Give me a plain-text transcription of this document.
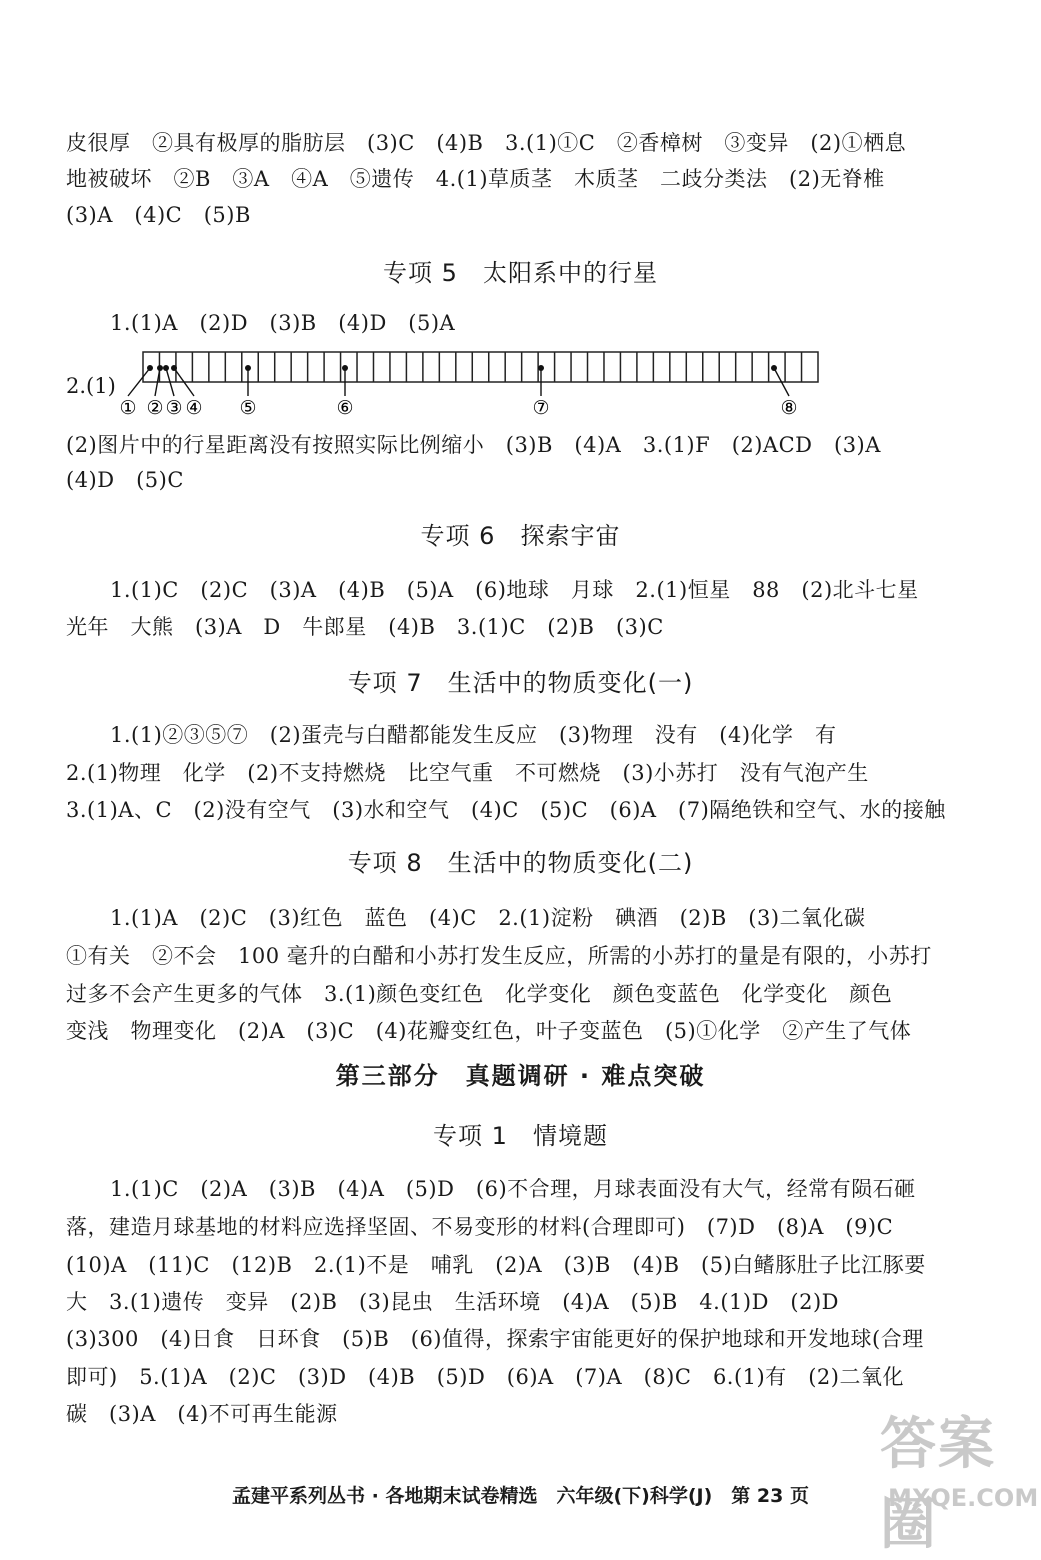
皮很厚　②具有极厚的脂肪层　(3)C　(4)B　3.(1)①C　②香樟树　③变异　(2)①栖息
地被破坏　②B　③A　④A　⑤遗传　4.(1)草质茎　木质茎　二歧分类法　(2)无脊椎
(3)A　(4)C　(5)B
专项 5　太阳系中的行星
1.(1)A　(2)D　(3)B　(4)D　(5)A
2.(1)
① ② ③ ④ ⑤	⑥	⑦	⑧
(2)图片中的行星距离没有按照实际比例缩小　(3)B　(4)A　3.(1)F　(2)ACD　(3)A
(4)D　(5)C
专项 6　探索宇宙
1.(1)C　(2)C　(3)A　(4)B　(5)A　(6)地球　月球　2.(1)恒星　88　(2)北斗七星
光年　大熊　(3)A　D　牛郎星　(4)B　3.(1)C　(2)B　(3)C
专项 7　生活中的物质变化(一)
1.(1)②③⑤⑦　(2)蛋壳与白醋都能发生反应　(3)物理　没有　(4)化学　有
2.(1)物理　化学　(2)不支持燃烧　比空气重　不可燃烧　(3)小苏打　没有气泡产生
3.(1)A、C　(2)没有空气　(3)水和空气　(4)C　(5)C　(6)A　(7)隔绝铁和空气、水的接触
专项 8　生活中的物质变化(二)
1.(1)A　(2)C　(3)红色　蓝色　(4)C　2.(1)淀粉　碘酒　(2)B　(3)二氧化碳
①有关　②不会　100 毫升的白醋和小苏打发生反应，所需的小苏打的量是有限的，小苏打
过多不会产生更多的气体　3.(1)颜色变红色　化学变化　颜色变蓝色　化学变化　颜色
变浅　物理变化　(2)A　(3)C　(4)花瓣变红色，叶子变蓝色　(5)①化学　②产生了气体
第三部分　真题调研 · 难点突破
专项 1　情境题
1.(1)C　(2)A　(3)B　(4)A　(5)D　(6)不合理，月球表面没有大气，经常有陨石砸
落，建造月球基地的材料应选择坚固、不易变形的材料(合理即可)　(7)D　(8)A　(9)C
(10)A　(11)C　(12)B　2.(1)不是　哺乳　(2)A　(3)B　(4)B　(5)白鳍豚肚子比江豚要
大　3.(1)遗传　变异　(2)B　(3)昆虫　生活环境　(4)A　(5)B　4.(1)D　(2)D
(3)300　(4)日食　日环食　(5)B　(6)值得，探索宇宙能更好的保护地球和开发地球(合理
即可)　5.(1)A　(2)C　(3)D　(4)B　(5)D　(6)A　(7)A　(8)C　6.(1)有　(2)二氧化
碳　(3)A　(4)不可再生能源
孟建平系列丛书 · 各地期末试卷精选　六年级(下)科学(J)　第 23 页
答案圈
MXQE.COM
